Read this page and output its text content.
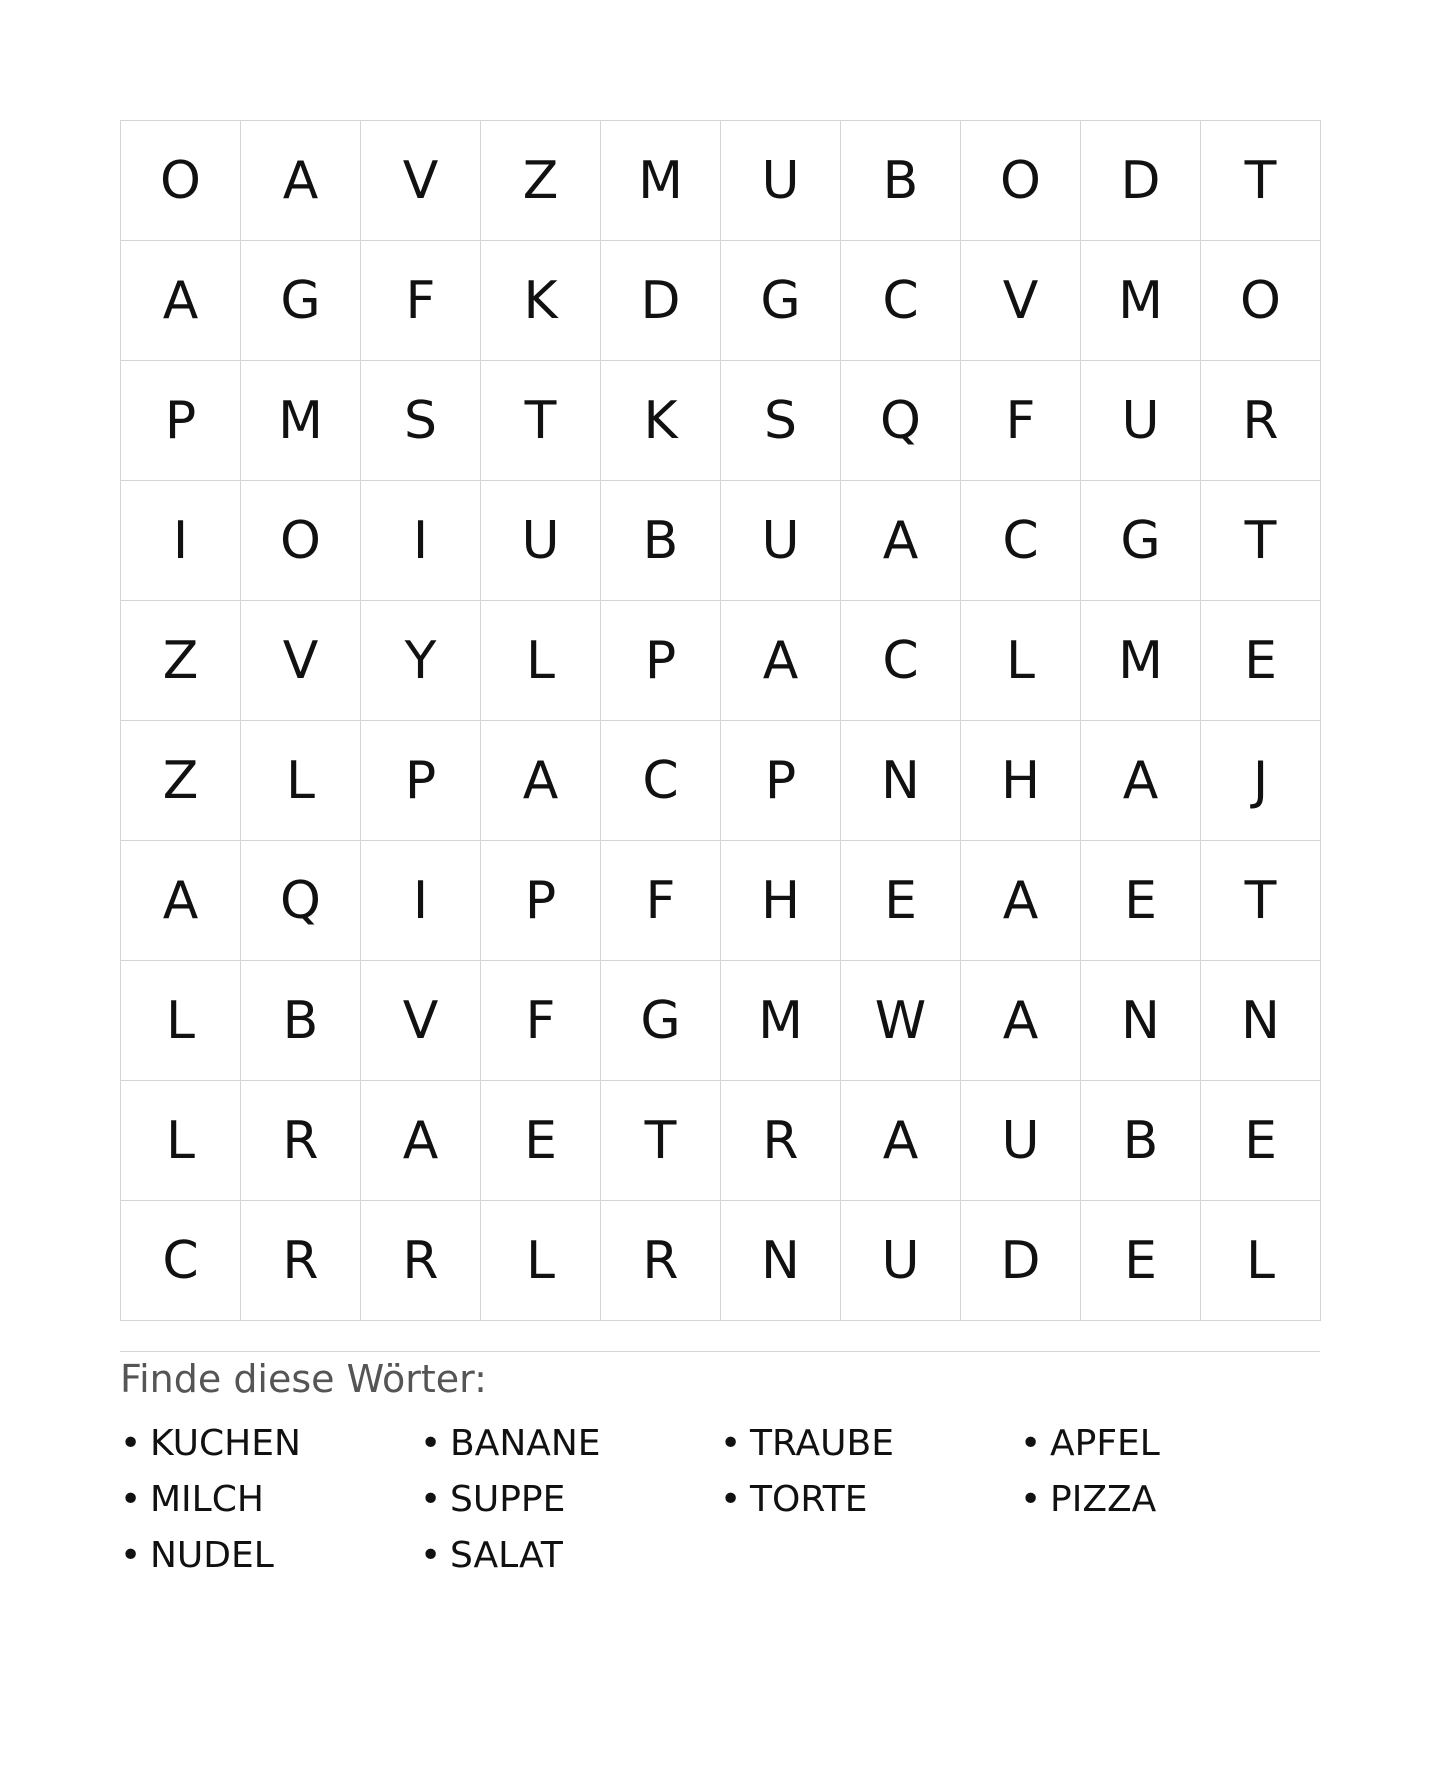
O	A	V	Z	M	U	B	O	D	T
A	G	F	K	D	G	C	V	M	O
P	M	S	T	K	S	Q	F	U	R
I	O	I	U	B	U	A	C	G	T
Z	V	Y	L	P	A	C	L	M	E
Z	L	P	A	C	P	N	H	A	J
A	Q	I	P	F	H	E	A	E	T
L	B	V	F	G	M	W	A	N	N
L	R	A	E	T	R	A	U	B	E
C	R	R	L	R	N	U	D	E	L
Finde diese Wörter:
• KUCHEN	• BANANE	• TRAUBE	• APFEL
• MILCH	• SUPPE	• TORTE	• PIZZA
• NUDEL	• SALAT
